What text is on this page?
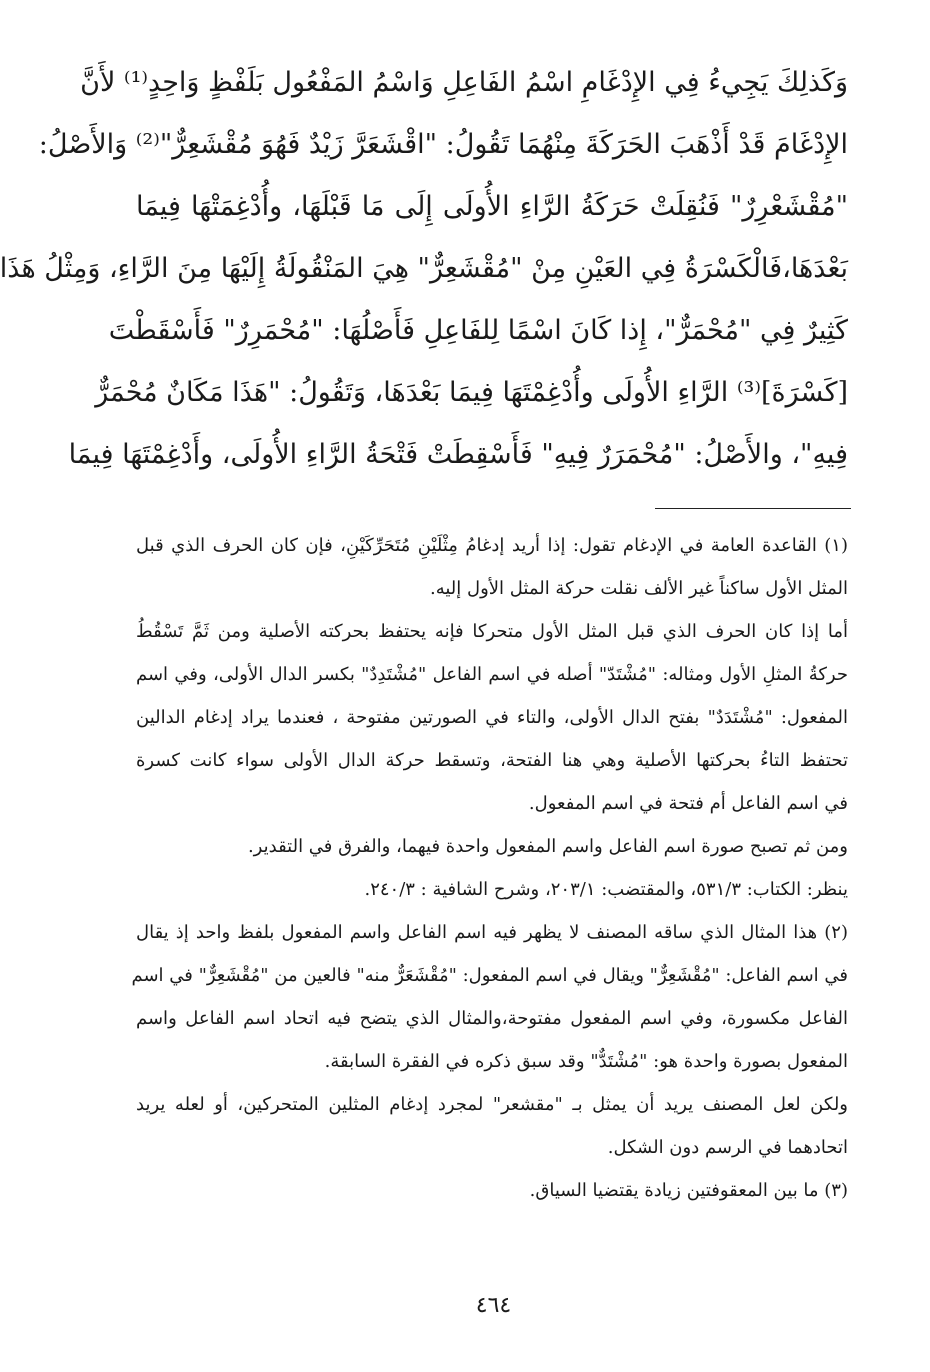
وَكَذلِكَ يَجِيءُ فِي الإِدْغَامِ اسْمُ الفَاعِلِ وَاسْمُ المَفْعُول بَلَفْظٍ وَاحِدٍ⁽¹⁾ لأَنَّ
الإِدْغَامَ قَدْ أَذْهَبَ الحَرَكَةَ مِنْهُمَا تَقُولُ: "اقْشَعَرَّ زَيْدٌ فَهُوَ مُقْشَعِرٌّ"⁽²⁾ وَالأَصْلُ:
"مُقْشَعْرِرٌ" فَنُقِلَتْ حَرَكَةُ الرَّاءِ الأُولَى إِلَى مَا قَبْلَهَا، وأُدْغِمَتْهَا فِيمَا
بَعْدَهَا،فَالْكَسْرَةُ فِي العَيْنِ مِنْ "مُقْشَعِرٌّ" هِيَ المَنْقُولَةُ إِلَيْهَا مِنَ الرَّاءِ، وَمِثْلُ هَذَا
كَثِيرٌ فِي "مُحْمَرٌّ"، إِذا كَانَ اسْمًا لِلفَاعِلِ فَأَصْلُهَا: "مُحْمَرِرٌ" فَأَسْقَطْتَ
[كَسْرَةَ]⁽³⁾ الرَّاءِ الأُولَى وأُدْغِمْتَهَا فِيمَا بَعْدَهَا، وَتَقُولُ: "هَذَا مَكَانٌ مُحْمَرٌّ
فِيهِ"، والأَصْلُ: "مُحْمَرَرٌ فِيهِ" فَأَسْقِطَتْ فَتْحَةُ الرَّاءِ الأُولَى، وأَدْغِمْتَهَا فِيمَا
(١) القاعدة العامة في الإدغام تقول: إذا أريد إدغامُ مِثْلَيْنِ مُتَحَرِّكَيْنِ، فإن كان الحرف الذي قبل
المثل الأول ساكناً غير الألف نقلت حركة المثل الأول إليه.
أما إذا كان الحرف الذي قبل المثل الأول متحركا فإنه يحتفظ بحركته الأصلية ومن ثَمَّ تَسْقُطُ
حركةُ المثلِ الأول ومثاله: "مُشْتَدّ" أصله في اسم الفاعل "مُشْتَدِدٌ" بكسر الدال الأولى، وفي اسم
المفعول: "مُشْتَدَدٌ" بفتح الدال الأولى، والتاء في الصورتين مفتوحة ، فعندما يراد إدغام الدالين
تحتفظ التاءُ بحركتها الأصلية وهي هنا الفتحة، وتسقط حركة الدال الأولى سواء كانت كسرة
في اسم الفاعل أم فتحة في اسم المفعول.
ومن ثم تصبح صورة اسم الفاعل واسم المفعول واحدة فيهما، والفرق في التقدير.
ينظر: الكتاب: ٥٣١/٣، والمقتضب: ٢٠٣/١، وشرح الشافية : ٢٤٠/٣.
(٢) هذا المثال الذي ساقه المصنف لا يظهر فيه اسم الفاعل واسم المفعول بلفظ واحد إذ يقال
في اسم الفاعل: "مُقْشَعِرٌّ" ويقال في اسم المفعول: "مُقْشَعَرٌّ منه" فالعين من "مُقْشَعِرٌّ" في اسم
الفاعل مكسورة، وفي اسم المفعول مفتوحة،والمثال الذي يتضح فيه اتحاد اسم الفاعل واسم
المفعول بصورة واحدة هو: "مُشْتَدٌّ" وقد سبق ذكره في الفقرة السابقة.
ولكن لعل المصنف يريد أن يمثل بـ "مقشعر" لمجرد إدغام المثلين المتحركين، أو لعله يريد
اتحادهما في الرسم دون الشكل.
(٣) ما بين المعقوفتين زيادة يقتضيا السياق.
٤٦٤
